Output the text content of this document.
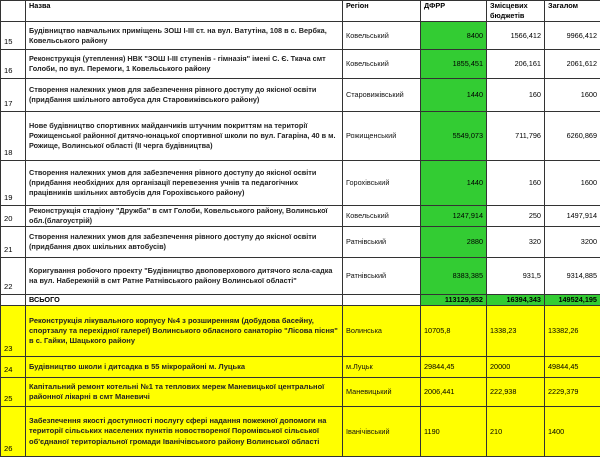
	Назва	Регіон	ДФРР	Змісцевих бюджетів	Загалом
15	Будівництво навчальних приміщень ЗОШ І-ІІІ ст. на вул. Ватутіна, 108 в с. Вербка, Ковельського району	Ковельський	8400	1566,412	9966,412
16	Реконструкція (утеплення) НВК "ЗОШ І-ІІІ ступенів - гімназія" імені С. Є. Ткача смт Голоби, по вул. Перемоги, 1 Ковельського району	Ковельський	1855,451	206,161	2061,612
17	Створення належних умов для забезпечення рівного доступу до якісної освіти (придбання шкільного автобуса для Старовижівського району)	Старовижівський	1440	160	1600
18	Нове будівництво спортивних майданчиків штучним покриттям на території Рожищенської районної дитячо-юнацької спортивної школи по вул. Гагаріна, 40 в м. Рожище, Волинської області (ІІ черга будівництва)	Рожищенський	5549,073	711,796	6260,869
19	Створення належних умов для забезпечення рівного доступу до якісної освіти (придбання необхідних для організації перевезення учнів та педагогічних працівників шкільних автобусів для Горохівського району)	Горохівський	1440	160	1600
20	Реконструкція стадіону "Дружба" в смт Голоби, Ковельського району, Волинської обл.(благоустрій)	Ковельський	1247,914	250	1497,914
21	Створення належних умов для забезпечення рівного доступу до якісної освіти (придбання двох шкільних автобусів)	Ратнівський	2880	320	3200
22	Коригування робочого проекту "Будівництво двоповерхового дитячого ясла-садка на вул. Набережній в смт Ратне Ратнівського району Волинської області"	Ратнівський	8383,385	931,5	9314,885
	ВСЬОГО		113129,852	16394,343	149524,195
23	Реконструкція лікувального корпусу №4 з розширенням (добудова басейну, спортзалу та перехідної галереї) Волинського обласного санаторію "Лісова пісня" в с. Гайки, Шацького району	Волинська	10705,8	1338,23	13382,26
24	Будівництво школи і дитсадка в 55 мікрорайоні м. Луцька	м.Луцьк	29844,45	20000	49844,45
25	Капітальний ремонт котельні №1 та теплових мереж Маневицької центральної районної лікарні в смт Маневичі	Маневицький	2006,441	222,938	2229,379
26	Забезпечення якості доступності послугу сфері надання пожежної допомоги на території сільських населених пунктів новоствореної Поромівської сільської об'єднаної територіальної громади Іванічівського району Волинської області	Іванічівський	1190	210	1400
